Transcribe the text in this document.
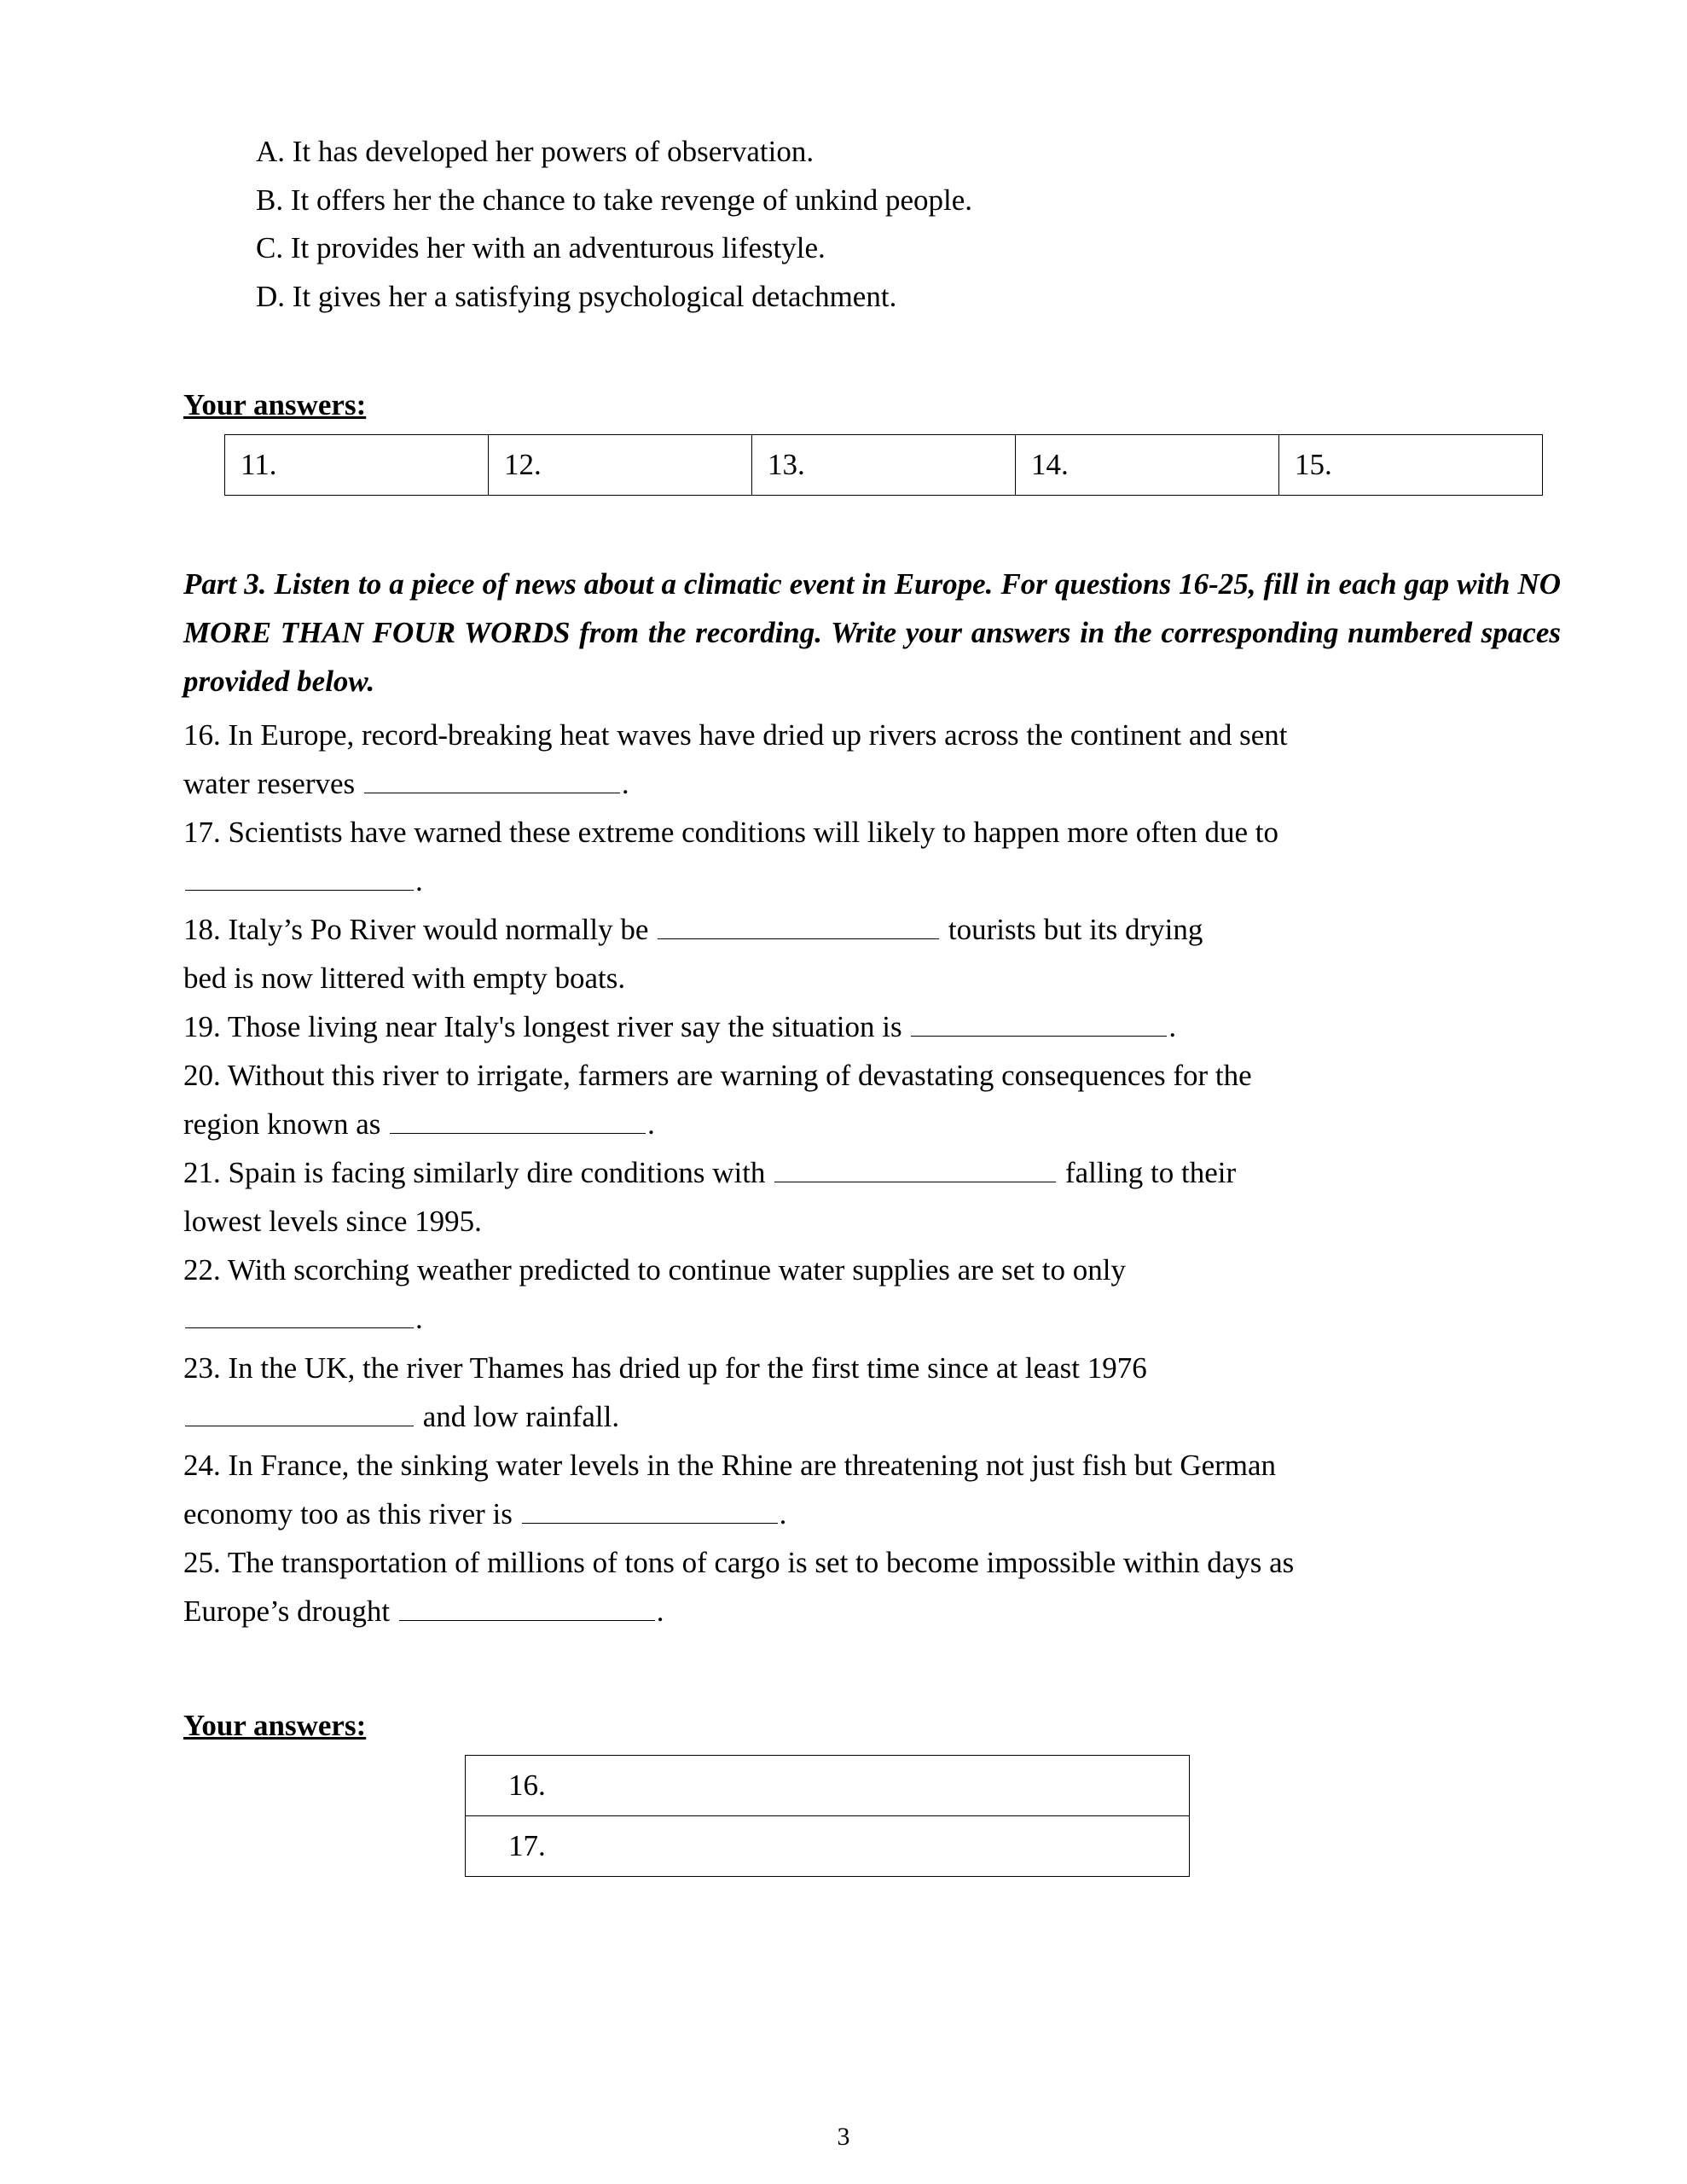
A. It has developed her powers of observation.
B. It offers her the chance to take revenge of unkind people.
C. It provides her with an adventurous lifestyle.
D. It gives her a satisfying psychological detachment.
Your answers:
11.	12.	13.	14.	15.
Part 3. Listen to a piece of news about a climatic event in Europe. For questions 16-25, fill in each gap with NO MORE THAN FOUR WORDS from the recording. Write your answers in the corresponding numbered spaces provided below.

16. In Europe, record-breaking heat waves have dried up rivers across the continent and sent

water reserves	.

17. Scientists have warned these extreme conditions will likely to happen more often due to

.

18. Italy’s Po River would normally be	tourists but its drying

bed is now littered with empty boats.

19. Those living near Italy's longest river say the situation is	.

20. Without this river to irrigate, farmers are warning of devastating consequences for the

region known as	.

21. Spain is facing similarly dire conditions with	falling to their

lowest levels since 1995.

22. With scorching weather predicted to continue water supplies are set to only

.

23. In the UK, the river Thames has dried up for the first time since at least 1976

and low rainfall.

24. In France, the sinking water levels in the Rhine are threatening not just fish but German

economy too as this river is	.

25. The transportation of millions of tons of cargo is set to become impossible within days as

Europe’s drought	.

Your answers:
16.
17.
3
